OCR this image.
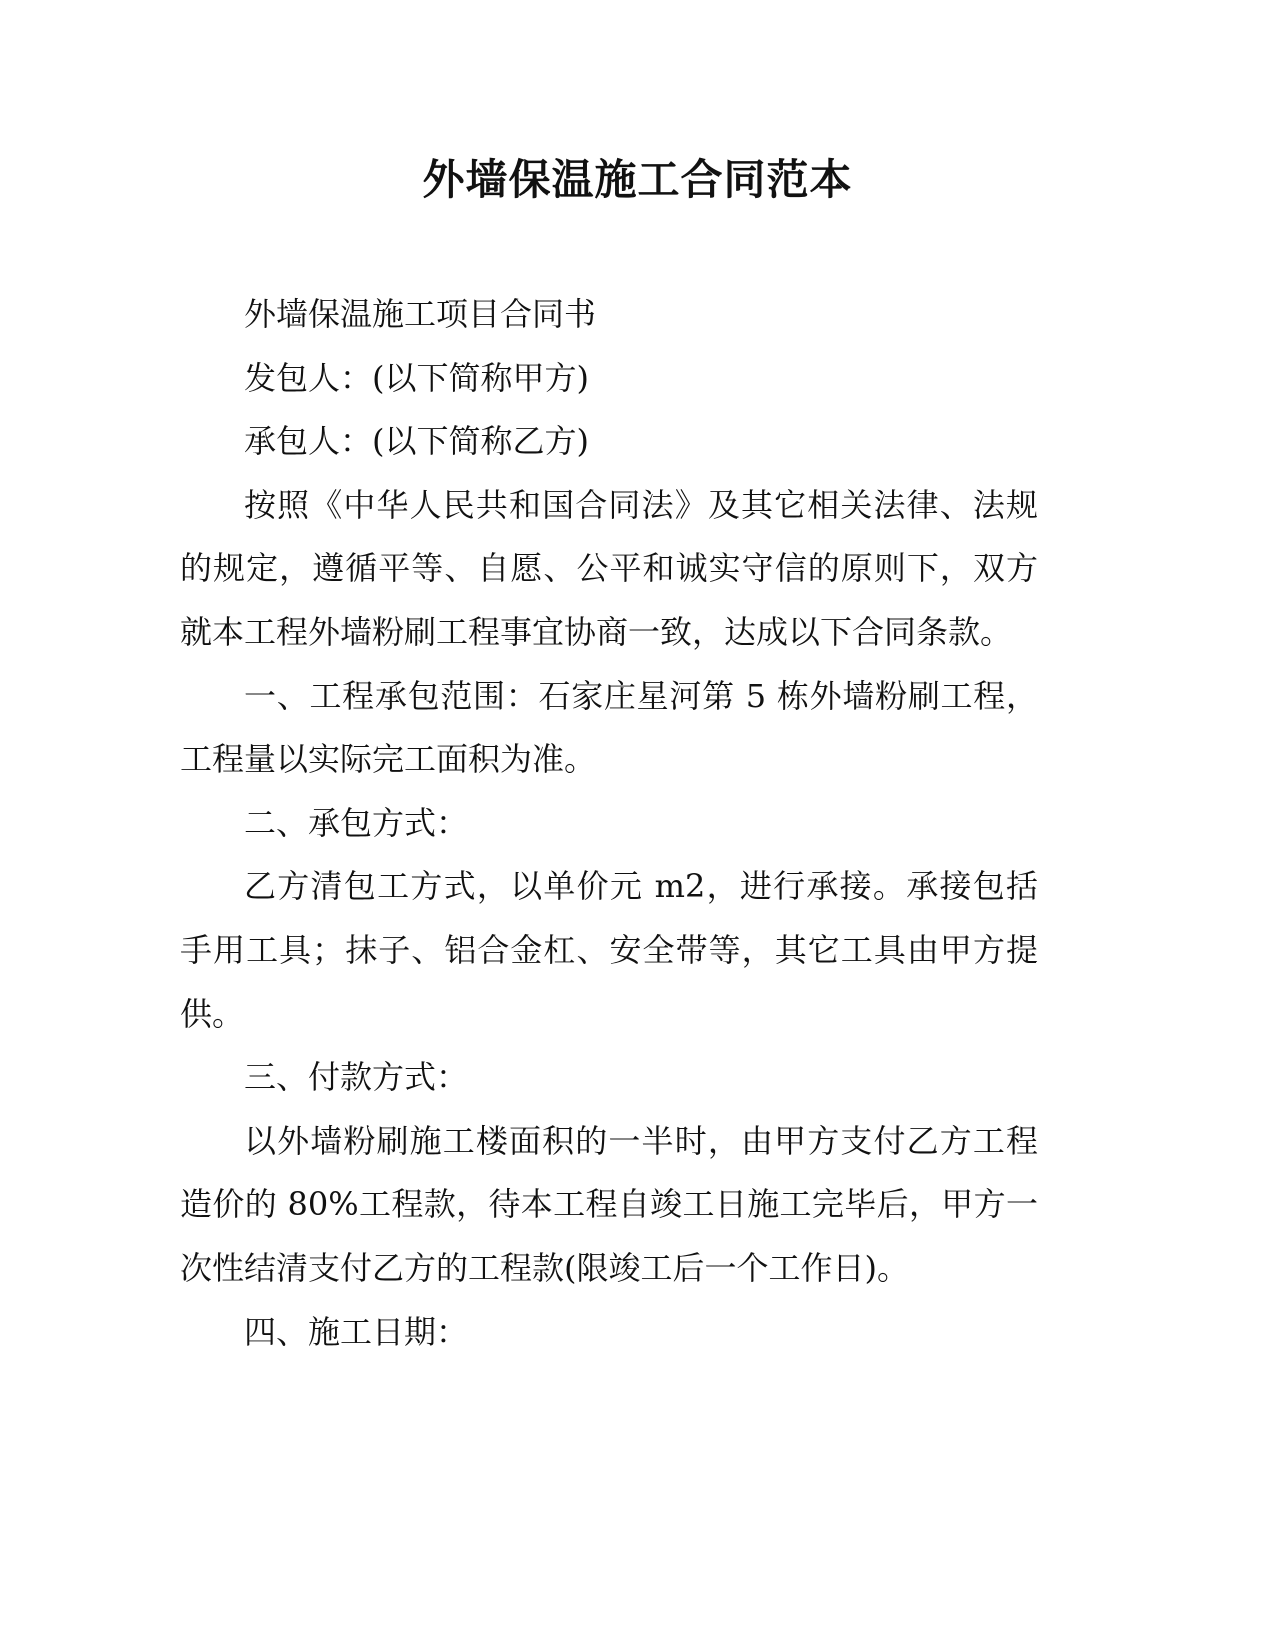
外墙保温施工合同范本

外墙保温施工项目合同书

发包人：(以下简称甲方)

承包人：(以下简称乙方)

按照《中华人民共和国合同法》及其它相关法律、法规的规定，遵循平等、自愿、公平和诚实守信的原则下，双方就本工程外墙粉刷工程事宜协商一致，达成以下合同条款。

一、工程承包范围：石家庄星河第 5 栋外墙粉刷工程，工程量以实际完工面积为准。

二、承包方式：

乙方清包工方式，以单价元 m2，进行承接。承接包括手用工具；抹子、铝合金杠、安全带等，其它工具由甲方提供。

三、付款方式：

以外墙粉刷施工楼面积的一半时，由甲方支付乙方工程造价的 80%工程款，待本工程自竣工日施工完毕后，甲方一次性结清支付乙方的工程款(限竣工后一个工作日)。

四、施工日期：
